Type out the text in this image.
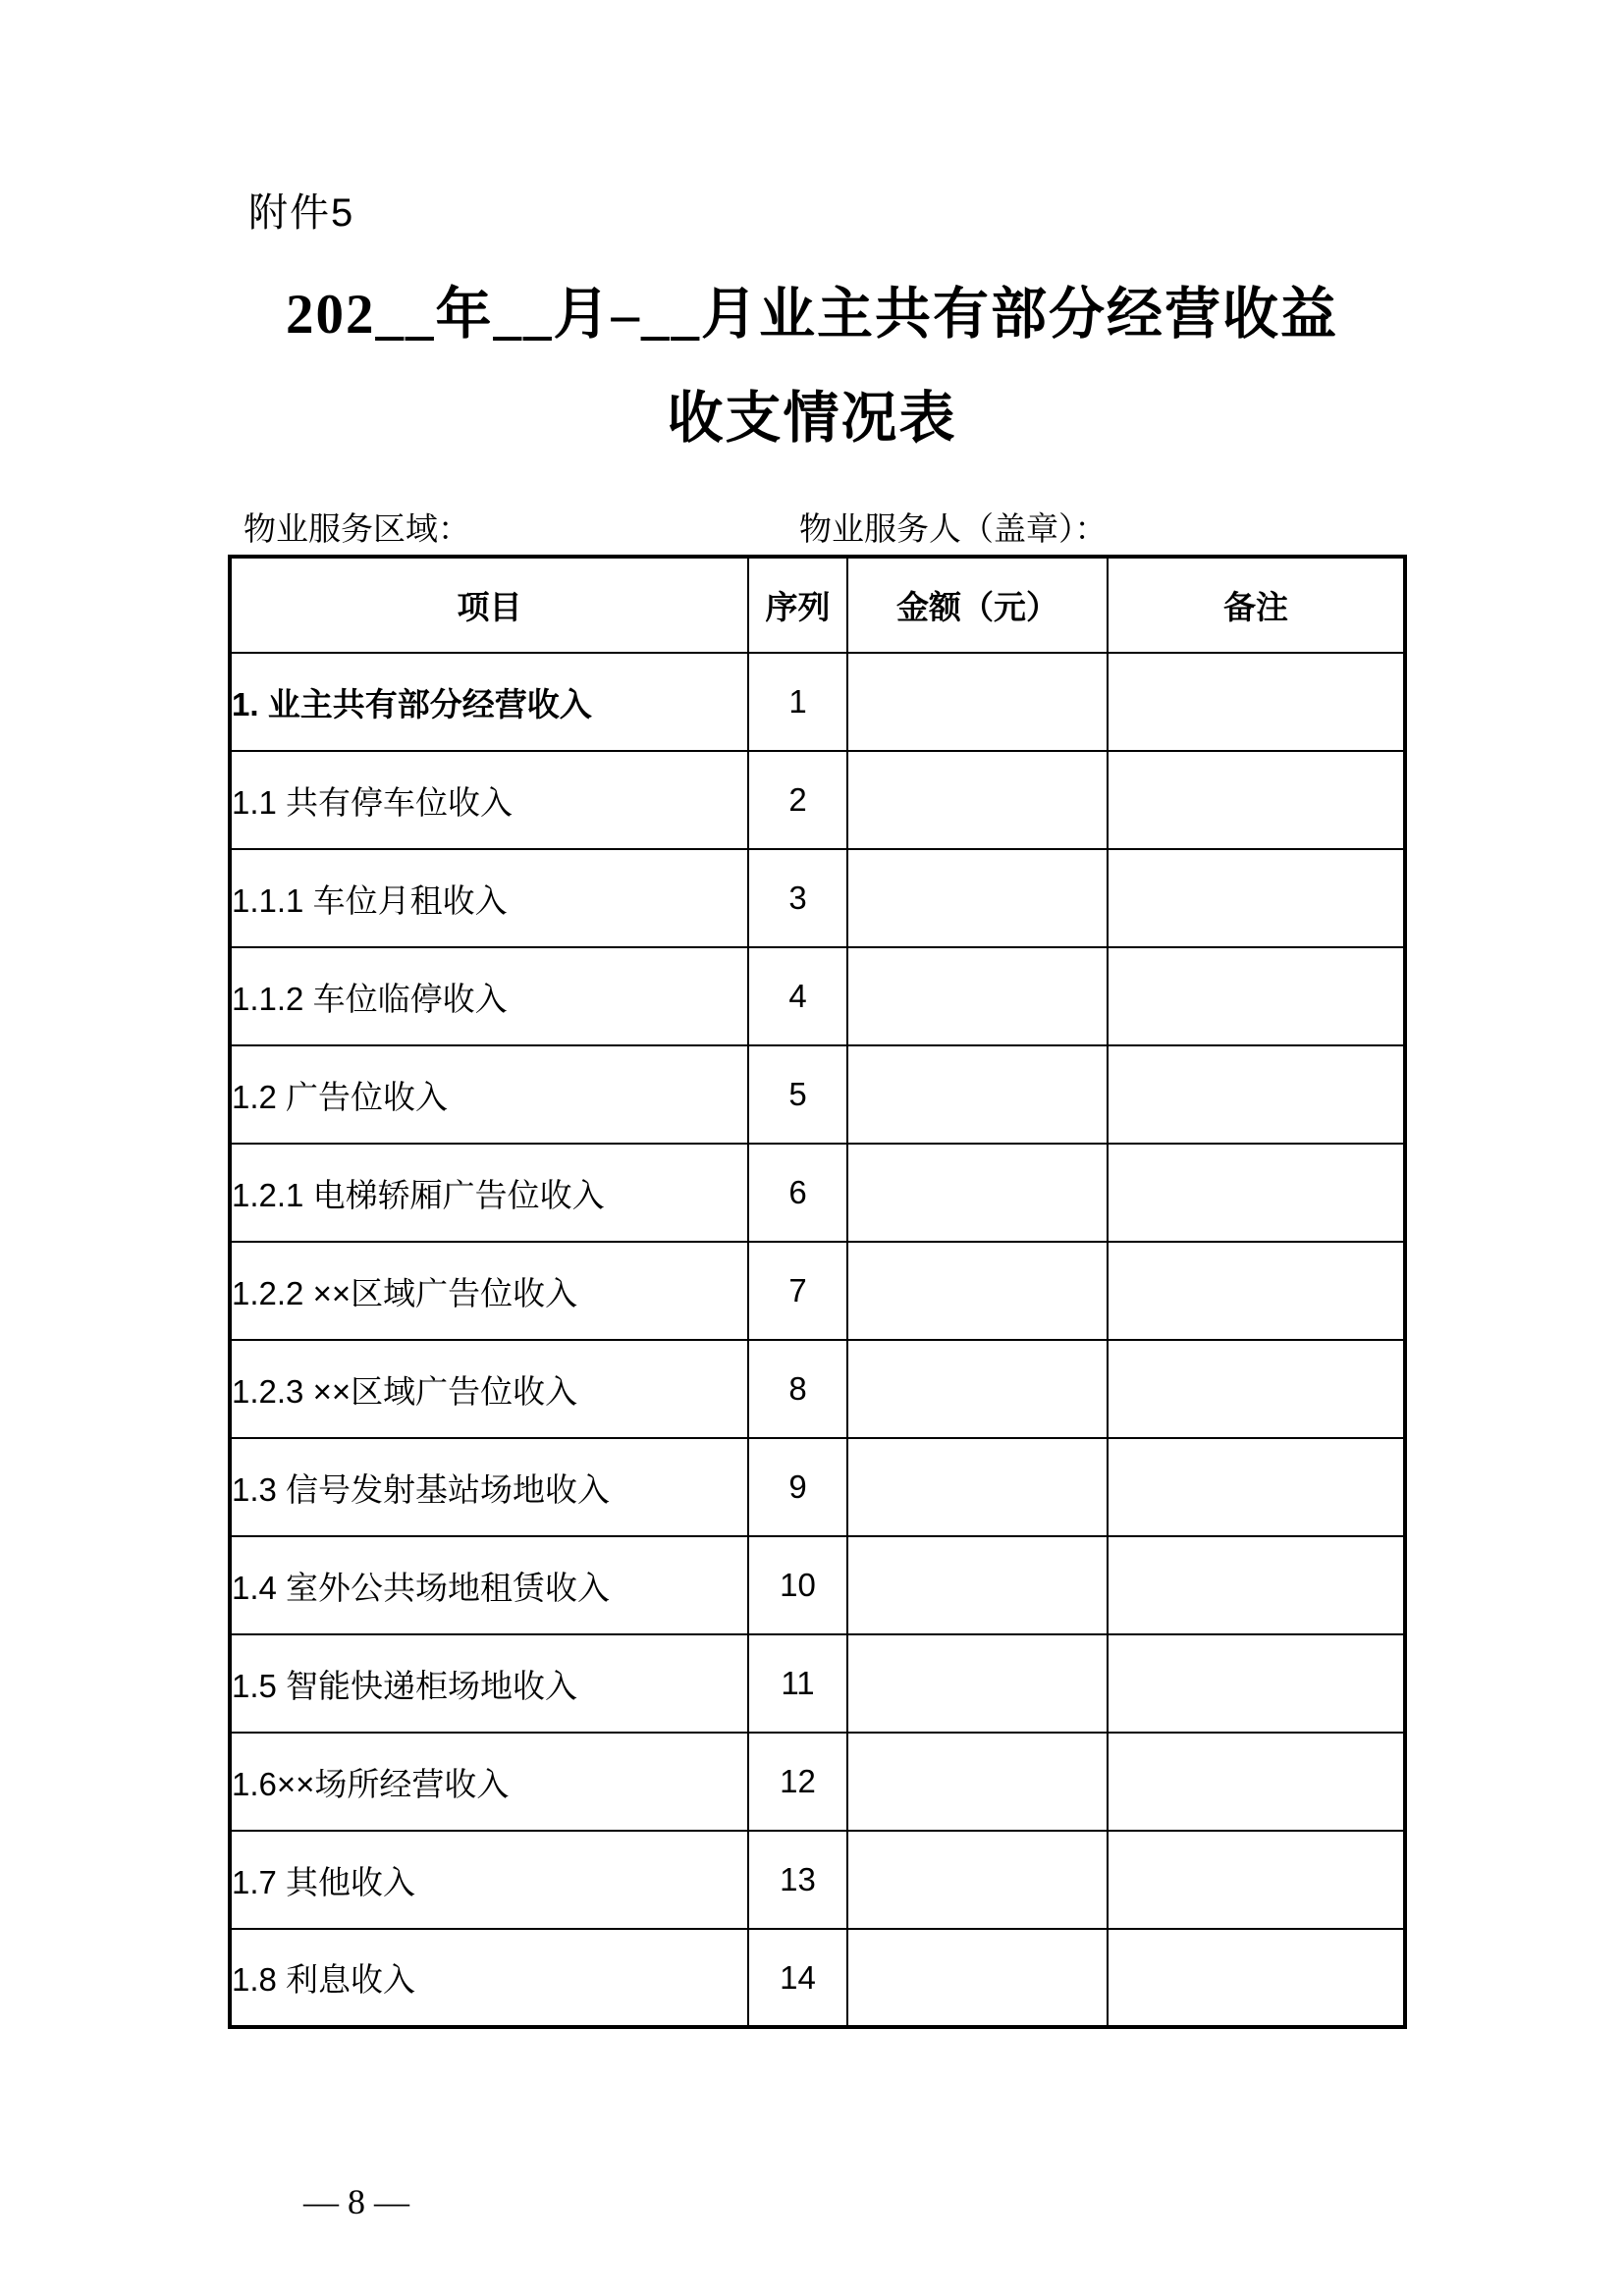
附件5
202__年__月–__月业主共有部分经营收益
收支情况表
物业服务区域：	物业服务人（盖章）：
项目	序列	金额（元）	备注
1. 业主共有部分经营收入	1		
1.1 共有停车位收入	2		
1.1.1 车位月租收入	3		
1.1.2 车位临停收入	4		
1.2 广告位收入	5		
1.2.1 电梯轿厢广告位收入	6		
1.2.2 ××区域广告位收入	7		
1.2.3 ××区域广告位收入	8		
1.3 信号发射基站场地收入	9		
1.4 室外公共场地租赁收入	10		
1.5 智能快递柜场地收入	11		
1.6××场所经营收入	12		
1.7 其他收入	13		
1.8 利息收入	14		
— 8 —
